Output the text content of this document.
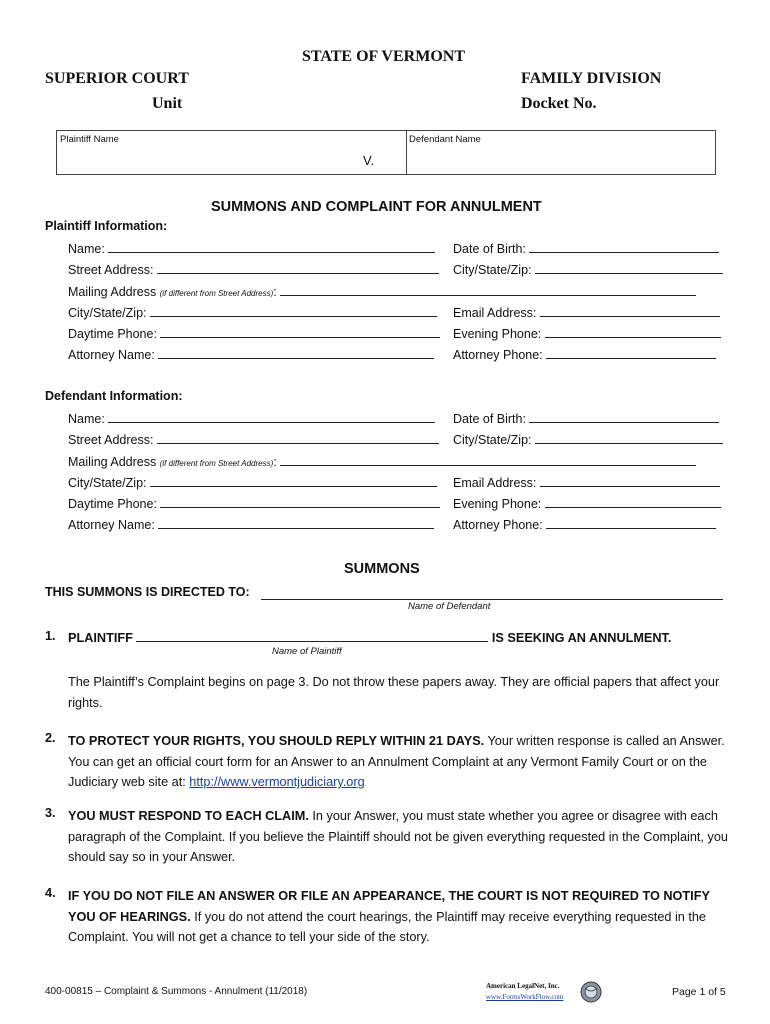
STATE OF VERMONT
SUPERIOR COURT
Unit
FAMILY DIVISION
Docket No.
Plaintiff Name
V.
Defendant Name
SUMMONS AND COMPLAINT FOR ANNULMENT
Plaintiff Information:
Name:	Date of Birth:
Street Address:	City/State/Zip:
Mailing Address (if different from Street Address):
City/State/Zip:	Email Address:
Daytime Phone:	Evening Phone:
Attorney Name:	Attorney Phone:
Defendant Information:
Name:	Date of Birth:
Street Address:	City/State/Zip:
Mailing Address (if different from Street Address):
City/State/Zip:	Email Address:
Daytime Phone:	Evening Phone:
Attorney Name:	Attorney Phone:
SUMMONS
THIS SUMMONS IS DIRECTED TO:
Name of Defendant
1. PLAINTIFF	IS SEEKING AN ANNULMENT.
Name of Plaintiff
The Plaintiff’s Complaint begins on page 3. Do not throw these papers away. They are official papers that affect your rights.
2. TO PROTECT YOUR RIGHTS, YOU SHOULD REPLY WITHIN 21 DAYS. Your written response is called an Answer. You can get an official court form for an Answer to an Annulment Complaint at any Vermont Family Court or on the Judiciary web site at: http://www.vermontjudiciary.org
3. YOU MUST RESPOND TO EACH CLAIM. In your Answer, you must state whether you agree or disagree with each paragraph of the Complaint. If you believe the Plaintiff should not be given everything requested in the Complaint, you should say so in your Answer.
4. IF YOU DO NOT FILE AN ANSWER OR FILE AN APPEARANCE, THE COURT IS NOT REQUIRED TO NOTIFY YOU OF HEARINGS. If you do not attend the court hearings, the Plaintiff may receive everything requested in the Complaint. You will not get a chance to tell your side of the story.
400-00815 – Complaint & Summons - Annulment (11/2018)	American LegalNet, Inc.
www.FormsWorkFlow.com	Page 1 of 5
